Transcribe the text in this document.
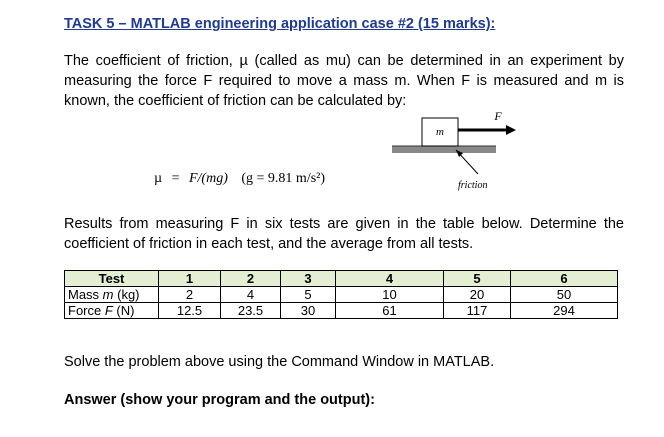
TASK 5 – MATLAB engineering application case #2 (15 marks):

The coefficient of friction, µ (called as mu) can be determined in an experiment by measuring the force F required to move a mass m. When F is measured and m is known, the coefficient of friction can be calculated by:

µ = F/(mg) (g = 9.81 m/s²)
m
F
friction
Results from measuring F in six tests are given in the table below. Determine the coefficient of friction in each test, and the average from all tests.
Test	1	2	3	4	5	6
Mass m (kg)	2	4	5	10	20	50
Force F (N)	12.5	23.5	30	61	117	294
Solve the problem above using the Command Window in MATLAB.
Answer (show your program and the output):
